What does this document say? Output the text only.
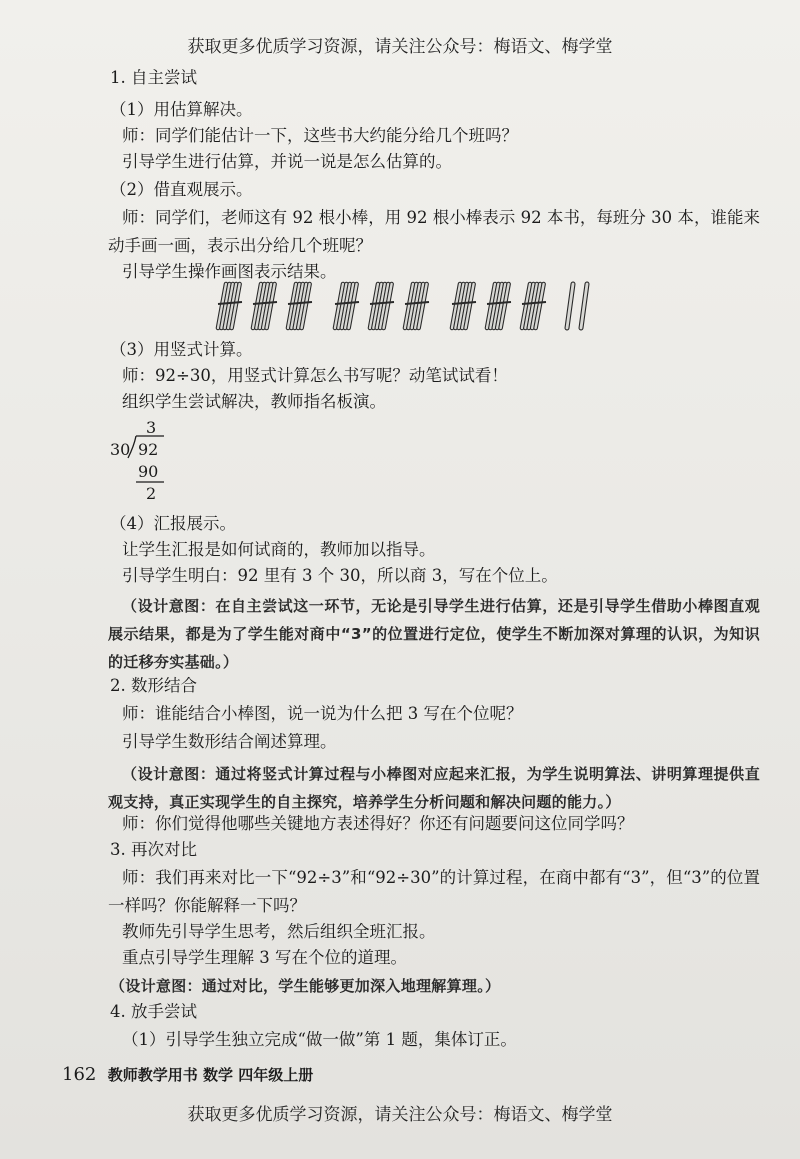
获取更多优质学习资源，请关注公众号：梅语文、梅学堂
1. 自主尝试
（1）用估算解决。
师：同学们能估计一下，这些书大约能分给几个班吗？
引导学生进行估算，并说一说是怎么估算的。
（2）借直观展示。
师：同学们，老师这有 92 根小棒，用 92 根小棒表示 92 本书，每班分 30 本，谁能来动手画一画，表示出分给几个班呢？
引导学生操作画图表示结果。
（3）用竖式计算。
师：92÷30，用竖式计算怎么书写呢？动笔试试看！
组织学生尝试解决，教师指名板演。
3
30 92
90
2
（4）汇报展示。
让学生汇报是如何试商的，教师加以指导。
引导学生明白：92 里有 3 个 30，所以商 3，写在个位上。
（设计意图：在自主尝试这一环节，无论是引导学生进行估算，还是引导学生借助小棒图直观展示结果，都是为了学生能对商中“3”的位置进行定位，使学生不断加深对算理的认识，为知识的迁移夯实基础。）
2. 数形结合
师：谁能结合小棒图，说一说为什么把 3 写在个位呢？
引导学生数形结合阐述算理。
（设计意图：通过将竖式计算过程与小棒图对应起来汇报，为学生说明算法、讲明算理提供直观支持，真正实现学生的自主探究，培养学生分析问题和解决问题的能力。）
师：你们觉得他哪些关键地方表述得好？你还有问题要问这位同学吗？
3. 再次对比
师：我们再来对比一下“92÷3”和“92÷30”的计算过程，在商中都有“3”，但“3”的位置一样吗？你能解释一下吗？
教师先引导学生思考，然后组织全班汇报。
重点引导学生理解 3 写在个位的道理。
（设计意图：通过对比，学生能够更加深入地理解算理。）
4. 放手尝试
（1）引导学生独立完成“做一做”第 1 题，集体订正。
162 教师教学用书 数学 四年级上册
获取更多优质学习资源，请关注公众号：梅语文、梅学堂
